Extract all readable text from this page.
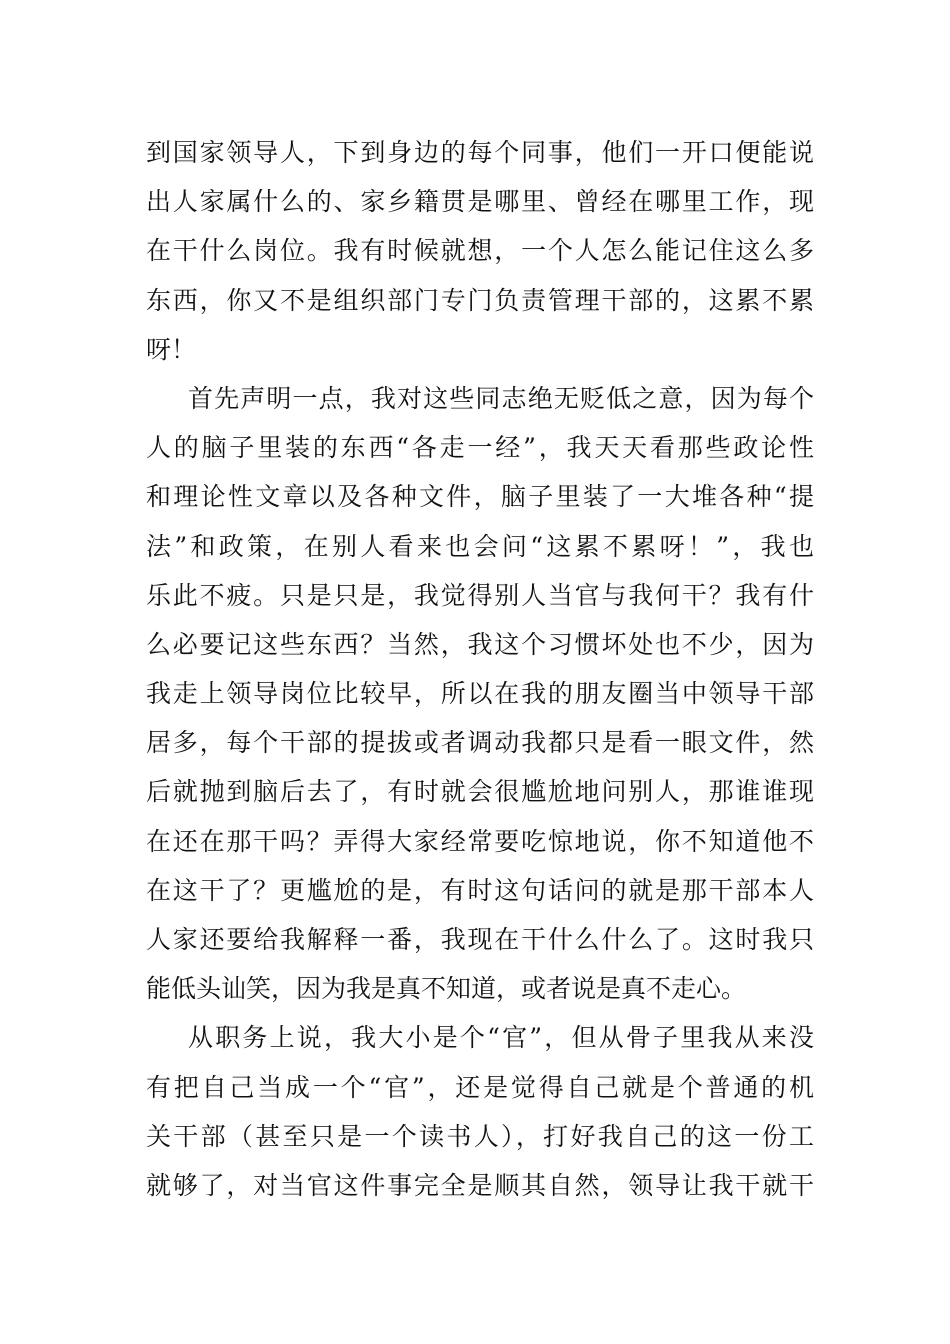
到国家领导人，下到身边的每个同事，他们一开口便能说
出人家属什么的、家乡籍贯是哪里、曾经在哪里工作，现
在干什么岗位。我有时候就想，一个人怎么能记住这么多
东西，你又不是组织部门专门负责管理干部的，这累不累
呀！
首先声明一点，我对这些同志绝无贬低之意，因为每个
人的脑子里装的东西“各走一经”，我天天看那些政论性
和理论性文章以及各种文件，脑子里装了一大堆各种“提
法”和政策，在别人看来也会问“这累不累呀！”，我也
乐此不疲。只是只是，我觉得别人当官与我何干？我有什
么必要记这些东西？当然，我这个习惯坏处也不少，因为
我走上领导岗位比较早，所以在我的朋友圈当中领导干部
居多，每个干部的提拔或者调动我都只是看一眼文件，然
后就抛到脑后去了，有时就会很尴尬地问别人，那谁谁现
在还在那干吗？弄得大家经常要吃惊地说，你不知道他不
在这干了？更尴尬的是，有时这句话问的就是那干部本人
人家还要给我解释一番，我现在干什么什么了。这时我只
能低头讪笑，因为我是真不知道，或者说是真不走心。
从职务上说，我大小是个“官”，但从骨子里我从来没
有把自己当成一个“官”，还是觉得自己就是个普通的机
关干部（甚至只是一个读书人），打好我自己的这一份工
就够了，对当官这件事完全是顺其自然，领导让我干就干
